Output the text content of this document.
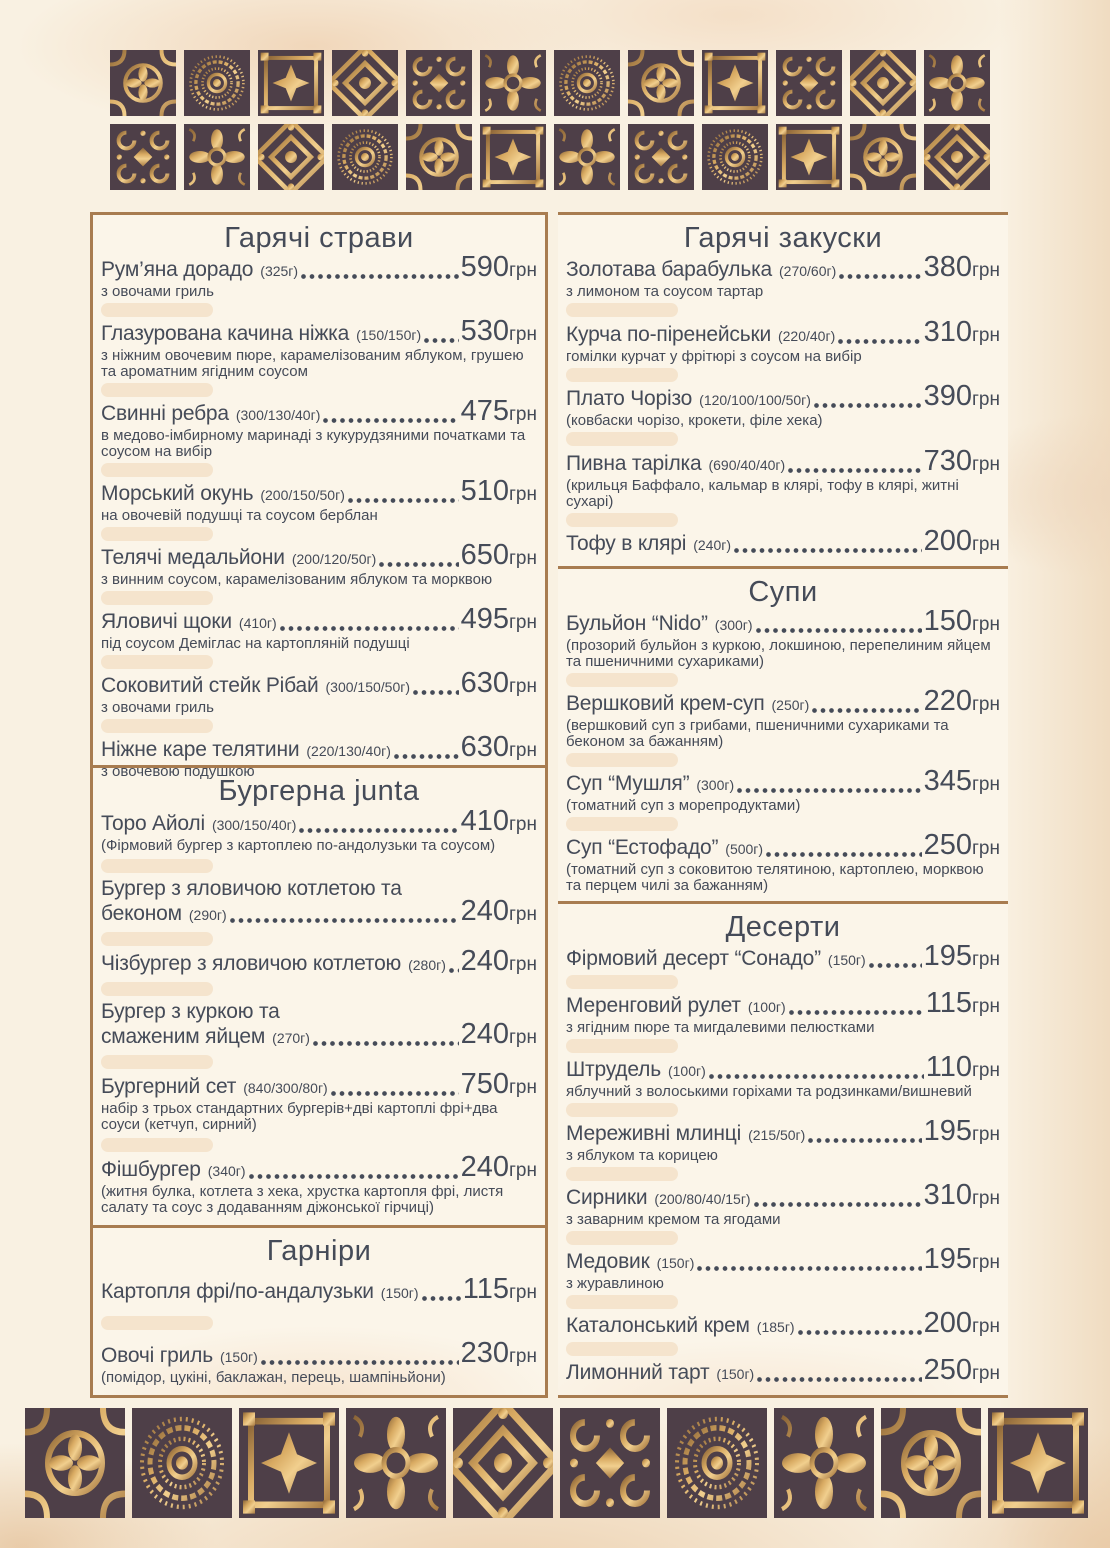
Гарячі страви
Рум’яна дорадо (325г)	590грн
з овочами гриль
Глазурована качина ніжка (150/150г) 530грн
з ніжним овочевим пюре, карамелізованим яблуком, грушею та ароматним ягідним соусом
Свинні ребра (300/130/40г)	475грн
в медово-імбирному маринаді з кукурудзяними початками та соусом на вибір
Морський окунь (200/150/50г)	510грн
на овочевій подушці та соусом берблан
Телячі медальйони (200/120/50г)	650грн
з винним соусом, карамелізованим яблуком та морквою
Яловичі щоки (410г)	495грн
під соусом Деміглас на картопляній подушці
Соковитий стейк Рібай (300/150/50г) 630грн
з овочами гриль
Ніжне каре телятини (220/130/40г) 630грн
з овочевою подушкою
Бургерна junta
Торо Айолі (300/150/40г)	410грн
(Фірмовий бургер з картоплею по-андолузьки та соусом)
Бургер з яловичою котлетою та
беконом (290г)	240грн
Чізбургер з яловичою котлетою (280г) 240грн
Бургер з куркою та
смаженим яйцем (270г)	240грн
Бургерний сет (840/300/80г)	750грн
набір з трьох стандартних бургерів+дві картоплі фрі+два соуси (кетчуп, сирний)
Фішбургер (340г)	240грн
(житня булка, котлета з хека, хрустка картопля фрі, листя салату та соус з додаванням діжонської гірчиці)
Гарніри
Картопля фрі/по-андалузьки (150г) 115грн
Овочі гриль (150г)	230грн
(помідор, цукіні, баклажан, перець, шампіньйони)
Гарячі закуски
Золотава барабулька (270/60г)	380грн
з лимоном та соусом тартар
Курча по-піренейськи (220/40г)	310грн
гомілки курчат у фрітюрі з соусом на вибір
Плато Чорізо (120/100/100/50г)	390грн
(ковбаски чорізо, крокети, філе хека)
Пивна тарілка (690/40/40г)	730грн
(крильця Баффало, кальмар в клярі, тофу в клярі, житні сухарі)
Тофу в клярі (240г)	200грн
Супи
Бульйон “Nido” (300г)	150грн
(прозорий бульйон з куркою, локшиною, перепелиним яйцем та пшеничними сухариками)
Вершковий крем-суп (250г)	220грн
(вершковий суп з грибами, пшеничними сухариками та беконом за бажанням)
Суп “Мушля” (300г)	345грн
(томатний суп з морепродуктами)
Суп “Естофадо” (500г)	250грн
(томатний суп з соковитою телятиною, картоплею, морквою та перцем чилі за бажанням)
Десерти
Фірмовий десерт “Сонадо” (150г) 195грн
Меренговий рулет (100г)	115грн
з ягідним пюре та мигдалевими пелюстками
Штрудель (100г)	110грн
яблучний з волоськими горіхами та родзинками/вишневий
Мереживні млинці (215/50г)	195грн
з яблуком та корицею
Сирники (200/80/40/15г)	310грн
з заварним кремом та ягодами
Медовик (150г)	195грн
з журавлиною
Каталонський крем (185г)	200грн
Лимонний тарт (150г)	250грн
